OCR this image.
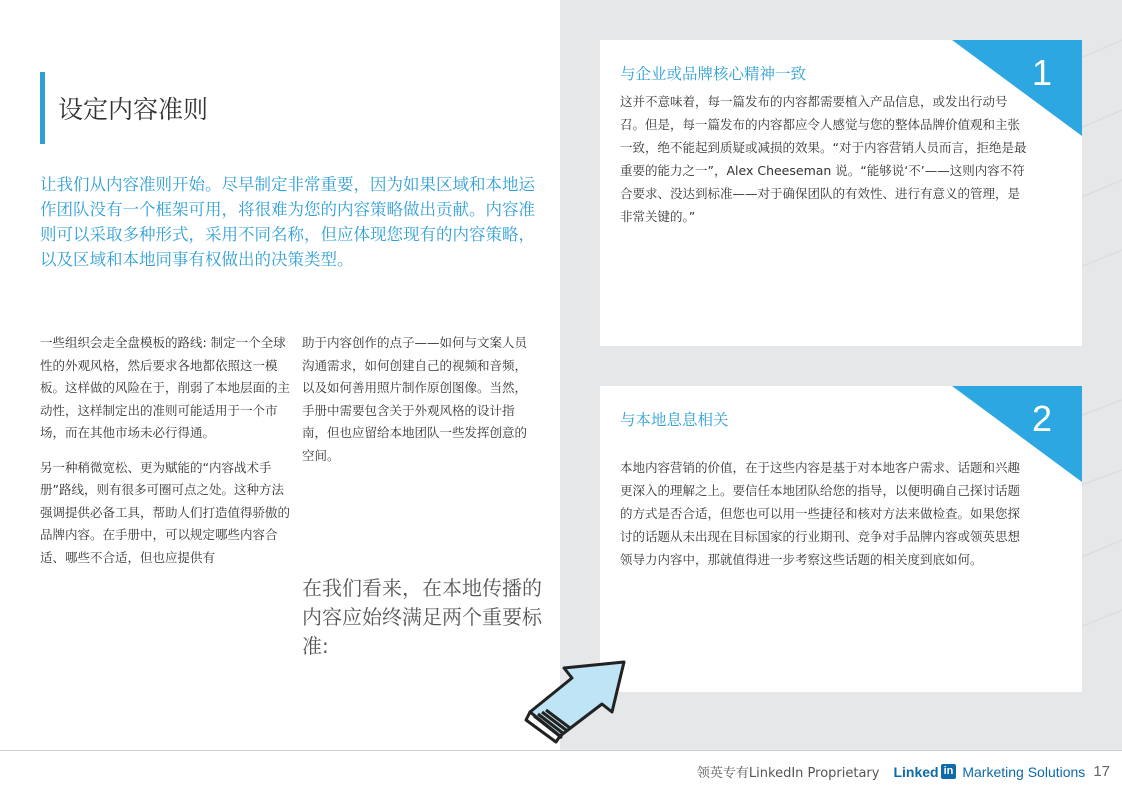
设定内容准则

让我们从内容准则开始。尽早制定非常重要，因为如果区域和本地运作团队没有一个框架可用，将很难为您的内容策略做出贡献。内容准则可以采取多种形式，采用不同名称，但应体现您现有的内容策略，以及区域和本地同事有权做出的决策类型。

一些组织会走全盘模板的路线: 制定一个全球性的外观风格，然后要求各地都依照这一模板。这样做的风险在于，削弱了本地层面的主动性，这样制定出的准则可能适用于一个市场，而在其他市场未必行得通。

另一种稍微宽松、更为赋能的“内容战术手册”路线，则有很多可圈可点之处。这种方法强调提供必备工具，帮助人们打造值得骄傲的品牌内容。在手册中，可以规定哪些内容合适、哪些不合适，但也应提供有

助于内容创作的点子——如何与文案人员沟通需求，如何创建自己的视频和音频，以及如何善用照片制作原创图像。当然，手册中需要包含关于外观风格的设计指南，但也应留给本地团队一些发挥创意的空间。

在我们看来，在本地传播的内容应始终满足两个重要标准:

1
与企业或品牌核心精神一致

这并不意味着，每一篇发布的内容都需要植入产品信息，或发出行动号召。但是，每一篇发布的内容都应令人感觉与您的整体品牌价值观和主张一致，绝不能起到质疑或减损的效果。“对于内容营销人员而言，拒绝是最重要的能力之一”，Alex Cheeseman 说。“能够说‘不’——这则内容不符合要求、没达到标准——对于确保团队的有效性、进行有意义的管理，是非常关键的。”

2
与本地息息相关

本地内容营销的价值，在于这些内容是基于对本地客户需求、话题和兴趣更深入的理解之上。要信任本地团队给您的指导，以便明确自己探讨话题的方式是否合适，但您也可以用一些捷径和核对方法来做检查。如果您探讨的话题从未出现在目标国家的行业期刊、竞争对手品牌内容或领英思想领导力内容中，那就值得进一步考察这些话题的相关度到底如何。

领英专有LinkedIn Proprietary Linked in Marketing Solutions 17
